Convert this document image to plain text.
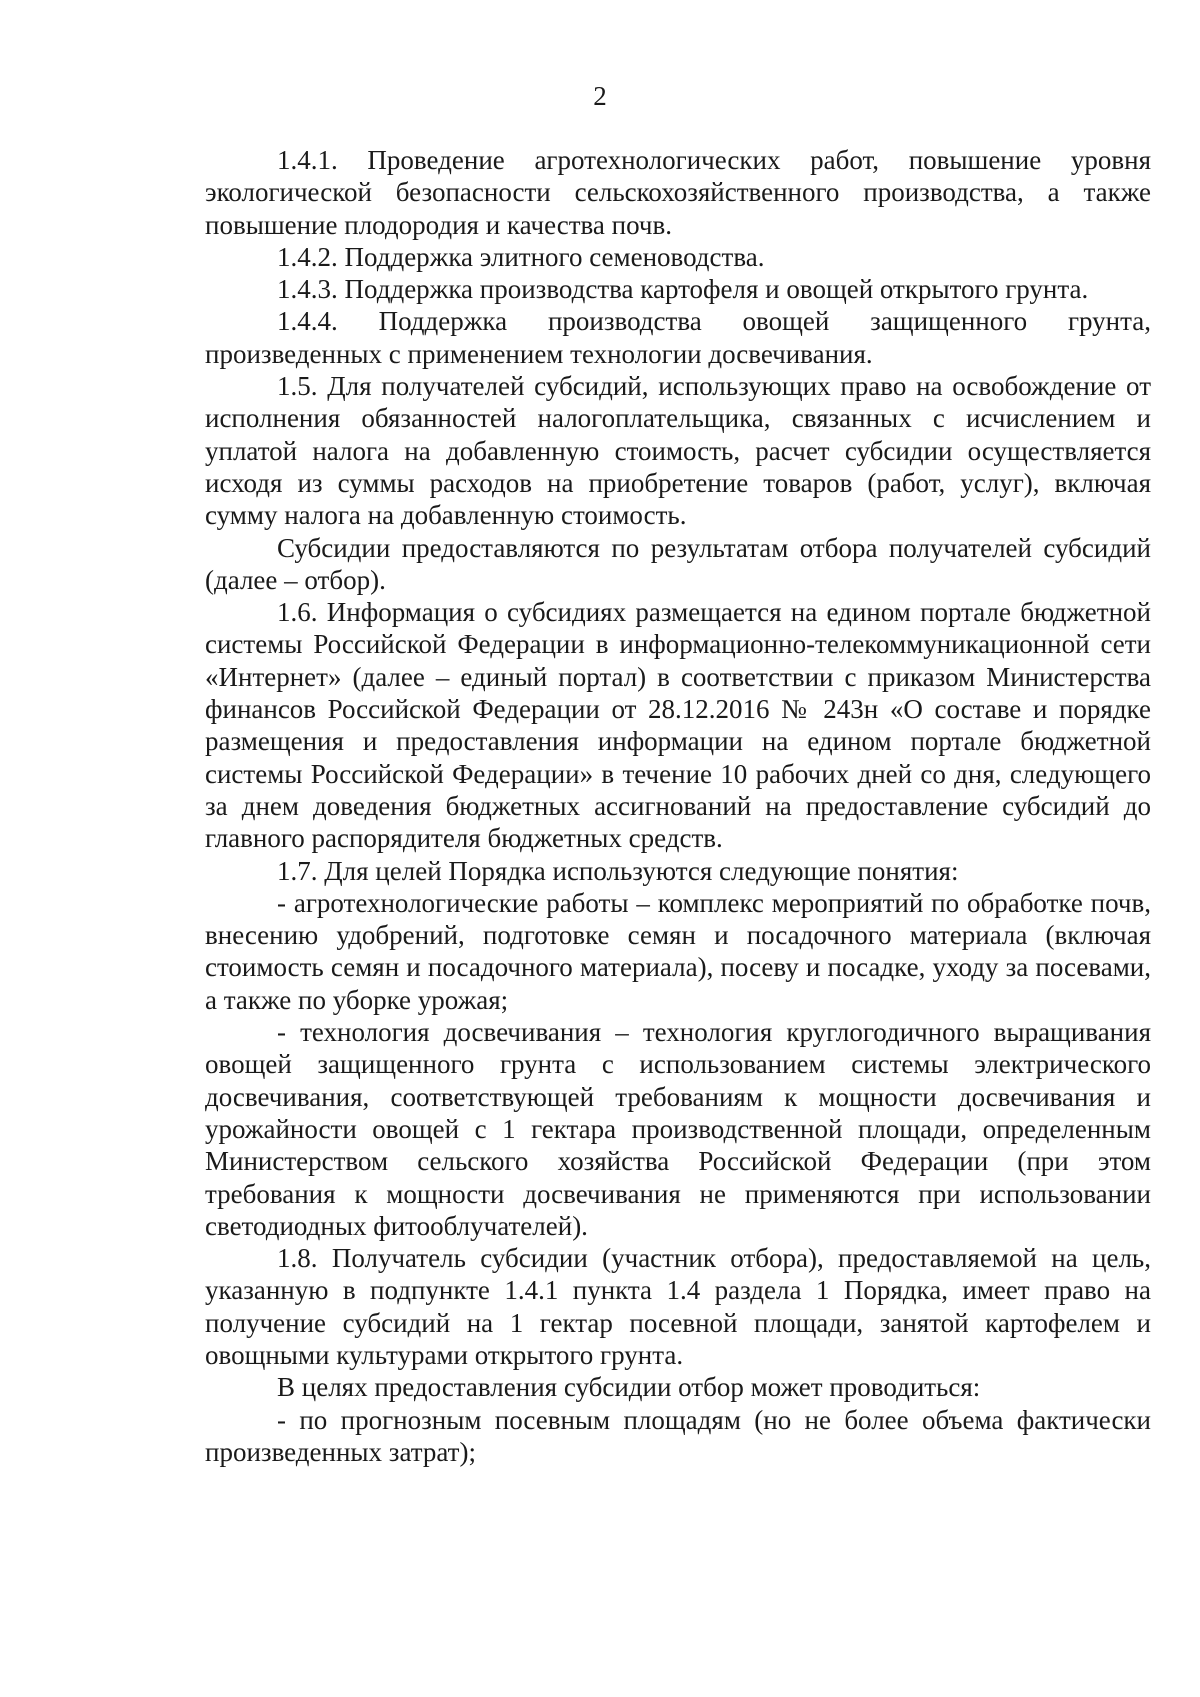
2

1.4.1. Проведение агротехнологических работ, повышение уровня экологической безопасности сельскохозяйственного производства, а также повышение плодородия и качества почв.

1.4.2. Поддержка элитного семеноводства.

1.4.3. Поддержка производства картофеля и овощей открытого грунта.

1.4.4. Поддержка производства овощей защищенного грунта, произведенных с применением технологии досвечивания.

1.5. Для получателей субсидий, использующих право на освобождение от исполнения обязанностей налогоплательщика, связанных с исчислением и уплатой налога на добавленную стоимость, расчет субсидии осуществляется исходя из суммы расходов на приобретение товаров (работ, услуг), включая сумму налога на добавленную стоимость.

Субсидии предоставляются по результатам отбора получателей субсидий (далее – отбор).

1.6. Информация о субсидиях размещается на едином портале бюджетной системы Российской Федерации в информационно-телекоммуникационной сети «Интернет» (далее – единый портал) в соответствии с приказом Министерства финансов Российской Федерации от 28.12.2016 № 243н «О составе и порядке размещения и предоставления информации на едином портале бюджетной системы Российской Федерации» в течение 10 рабочих дней со дня, следующего за днем доведения бюджетных ассигнований на предоставление субсидий до главного распорядителя бюджетных средств.

1.7. Для целей Порядка используются следующие понятия:

- агротехнологические работы – комплекс мероприятий по обработке почв, внесению удобрений, подготовке семян и посадочного материала (включая стоимость семян и посадочного материала), посеву и посадке, уходу за посевами, а также по уборке урожая;

- технология досвечивания – технология круглогодичного выращивания овощей защищенного грунта с использованием системы электрического досвечивания, соответствующей требованиям к мощности досвечивания и урожайности овощей с 1 гектара производственной площади, определенным Министерством сельского хозяйства Российской Федерации (при этом требования к мощности досвечивания не применяются при использовании светодиодных фитооблучателей).

1.8. Получатель субсидии (участник отбора), предоставляемой на цель, указанную в подпункте 1.4.1 пункта 1.4 раздела 1 Порядка, имеет право на получение субсидий на 1 гектар посевной площади, занятой картофелем и овощными культурами открытого грунта.

В целях предоставления субсидии отбор может проводиться:

- по прогнозным посевным площадям (но не более объема фактически произведенных затрат);
